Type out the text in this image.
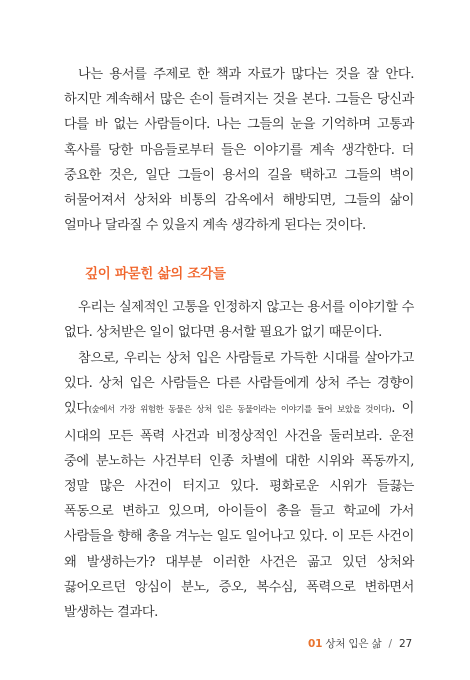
나는 용서를 주제로 한 책과 자료가 많다는 것을 잘 안다. 하지만 계속해서 많은 손이 들려지는 것을 본다. 그들은 당신과 다를 바 없는 사람들이다. 나는 그들의 눈을 기억하며 고통과 혹사를 당한 마음들로부터 들은 이야기를 계속 생각한다. 더 중요한 것은, 일단 그들이 용서의 길을 택하고 그들의 벽이 허물어져서 상처와 비통의 감옥에서 해방되면, 그들의 삶이 얼마나 달라질 수 있을지 계속 생각하게 된다는 것이다.

깊이 파묻힌 삶의 조각들

우리는 실제적인 고통을 인정하지 않고는 용서를 이야기할 수 없다. 상처받은 일이 없다면 용서할 필요가 없기 때문이다.

참으로, 우리는 상처 입은 사람들로 가득한 시대를 살아가고 있다. 상처 입은 사람들은 다른 사람들에게 상처 주는 경향이 있다(숲에서 가장 위험한 동물은 상처 입은 동물이라는 이야기를 들어 보았을 것이다). 이 시대의 모든 폭력 사건과 비정상적인 사건을 둘러보라. 운전 중에 분노하는 사건부터 인종 차별에 대한 시위와 폭동까지, 정말 많은 사건이 터지고 있다. 평화로운 시위가 들끓는 폭동으로 변하고 있으며, 아이들이 총을 들고 학교에 가서 사람들을 향해 총을 겨누는 일도 일어나고 있다. 이 모든 사건이 왜 발생하는가? 대부분 이러한 사건은 곪고 있던 상처와 끓어오르던 앙심이 분노, 증오, 복수심, 폭력으로 변하면서 발생하는 결과다.

01 상처 입은 삶 / 27
